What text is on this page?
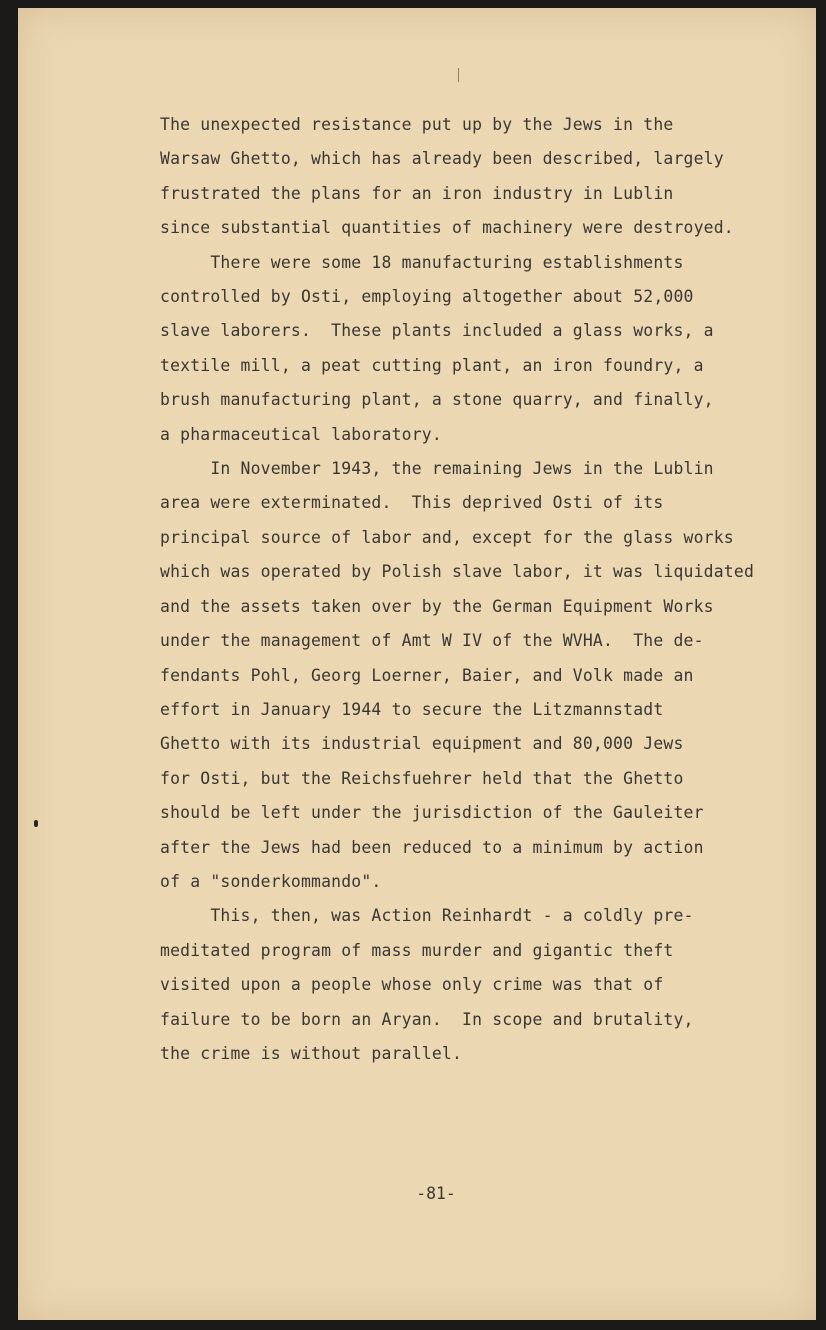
The unexpected resistance put up by the Jews in the
Warsaw Ghetto, which has already been described, largely
frustrated the plans for an iron industry in Lublin
since substantial quantities of machinery were destroyed.
There were some 18 manufacturing establishments
controlled by Osti, employing altogether about 52,000
slave laborers.  These plants included a glass works, a
textile mill, a peat cutting plant, an iron foundry, a
brush manufacturing plant, a stone quarry, and finally,
a pharmaceutical laboratory.
In November 1943, the remaining Jews in the Lublin
area were exterminated.  This deprived Osti of its
principal source of labor and, except for the glass works
which was operated by Polish slave labor, it was liquidated
and the assets taken over by the German Equipment Works
under the management of Amt W IV of the WVHA.  The de-
fendants Pohl, Georg Loerner, Baier, and Volk made an
effort in January 1944 to secure the Litzmannstadt
Ghetto with its industrial equipment and 80,000 Jews
for Osti, but the Reichsfuehrer held that the Ghetto
should be left under the jurisdiction of the Gauleiter
after the Jews had been reduced to a minimum by action
of a "sonderkommando".
This, then, was Action Reinhardt - a coldly pre-
meditated program of mass murder and gigantic theft
visited upon a people whose only crime was that of
failure to be born an Aryan.  In scope and brutality,
the crime is without parallel.
-81-
